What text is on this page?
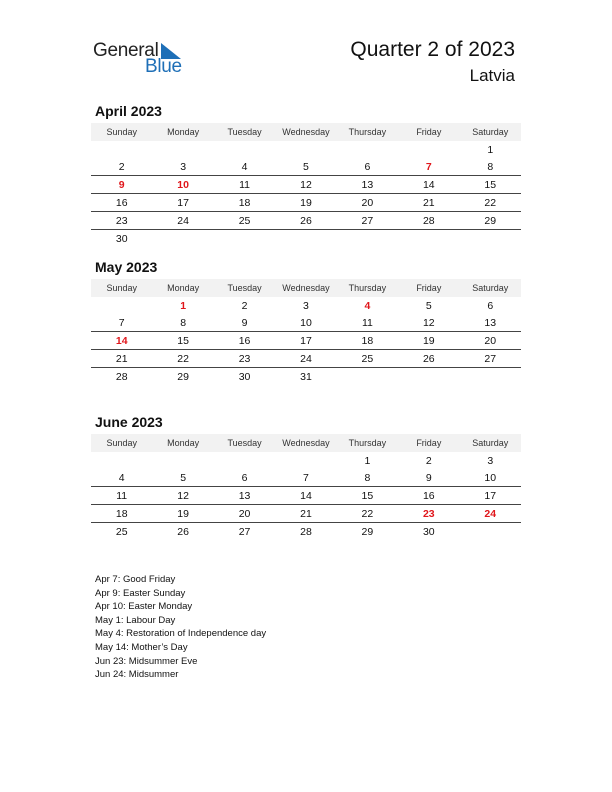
General
Blue
Quarter 2 of 2023
Latvia
April 2023
Sunday	Monday	Tuesday	Wednesday	Thursday	Friday	Saturday
						1
2	3	4	5	6	7	8
9	10	11	12	13	14	15
16	17	18	19	20	21	22
23	24	25	26	27	28	29
30						
May 2023
Sunday	Monday	Tuesday	Wednesday	Thursday	Friday	Saturday
	1	2	3	4	5	6
7	8	9	10	11	12	13
14	15	16	17	18	19	20
21	22	23	24	25	26	27
28	29	30	31			
June 2023
Sunday	Monday	Tuesday	Wednesday	Thursday	Friday	Saturday
				1	2	3
4	5	6	7	8	9	10
11	12	13	14	15	16	17
18	19	20	21	22	23	24
25	26	27	28	29	30	
Apr 7: Good Friday
Apr 9: Easter Sunday
Apr 10: Easter Monday
May 1: Labour Day
May 4: Restoration of Independence day
May 14: Mother’s Day
Jun 23: Midsummer Eve
Jun 24: Midsummer
